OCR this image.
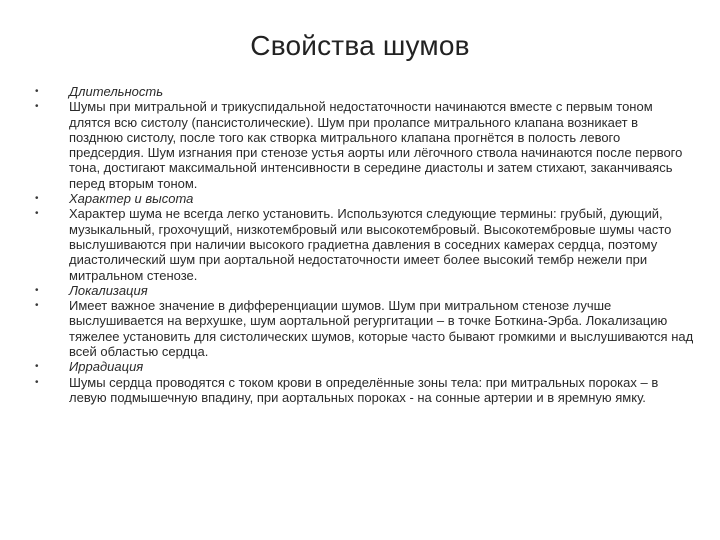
Свойства шумов
•	Длительность
•	Шумы при митральной и трикуспидальной недостаточности начинаются вместе с первым тоном длятся всю систолу (пансистолические). Шум при пролапсе митрального клапана возникает в позднюю систолу, после того как створка митрального клапана прогнётся в полость левого предсердия. Шум изгнания при стенозе устья аорты или лёгочного ствола начинаются после первого тона, достигают максимальной интенсивности в середине диастолы и затем стихают, заканчиваясь перед вторым тоном.
•	Характер и высота
•	Характер шума не всегда легко установить. Используются следующие термины: грубый, дующий, музыкальный, грохочущий, низкотембровый или высокотембровый. Высокотембровые шумы часто выслушиваются при наличии высокого градиетна давления в соседних камерах сердца, поэтому диастолический шум при аортальной недостаточности имеет более высокий тембр нежели при митральном стенозе.
•	Локализация
•	Имеет важное значение в дифференциации шумов. Шум при митральном стенозе лучше выслушивается на верхушке, шум аортальной регургитации – в точке Боткина-Эрба. Локализацию тяжелее установить для систолических шумов, которые часто бывают громкими и выслушиваются над всей областью сердца.
•	Иррадиация
•	Шумы сердца проводятся с током крови в определённые зоны тела: при митральных пороках – в левую подмышечную впадину, при аортальных пороках - на сонные артерии и в яремную ямку.
